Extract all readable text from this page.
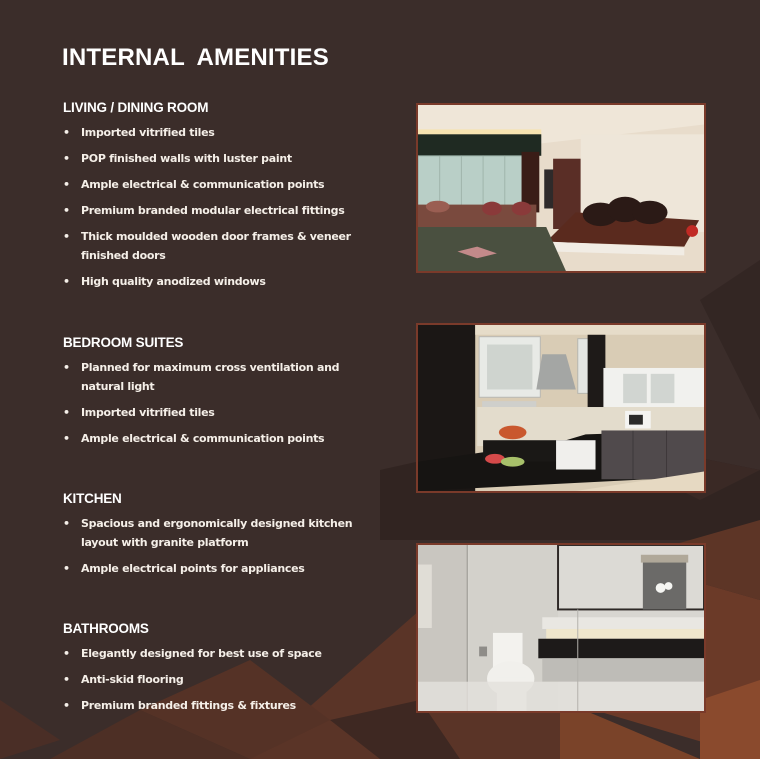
INTERNAL AMENITIES
LIVING / DINING ROOM
• Imported vitrified tiles
• POP finished walls with luster paint
• Ample electrical & communication points
• Premium branded modular electrical fittings
• Thick moulded wooden door frames & veneer finished doors
• High quality anodized windows
BEDROOM SUITES
• Planned for maximum cross ventilation and natural light
• Imported vitrified tiles
• Ample electrical & communication points
KITCHEN
• Spacious and ergonomically designed kitchen layout with granite platform
• Ample electrical points for appliances
BATHROOMS
• Elegantly designed for best use of space
• Anti-skid flooring
• Premium branded fittings & fixtures
